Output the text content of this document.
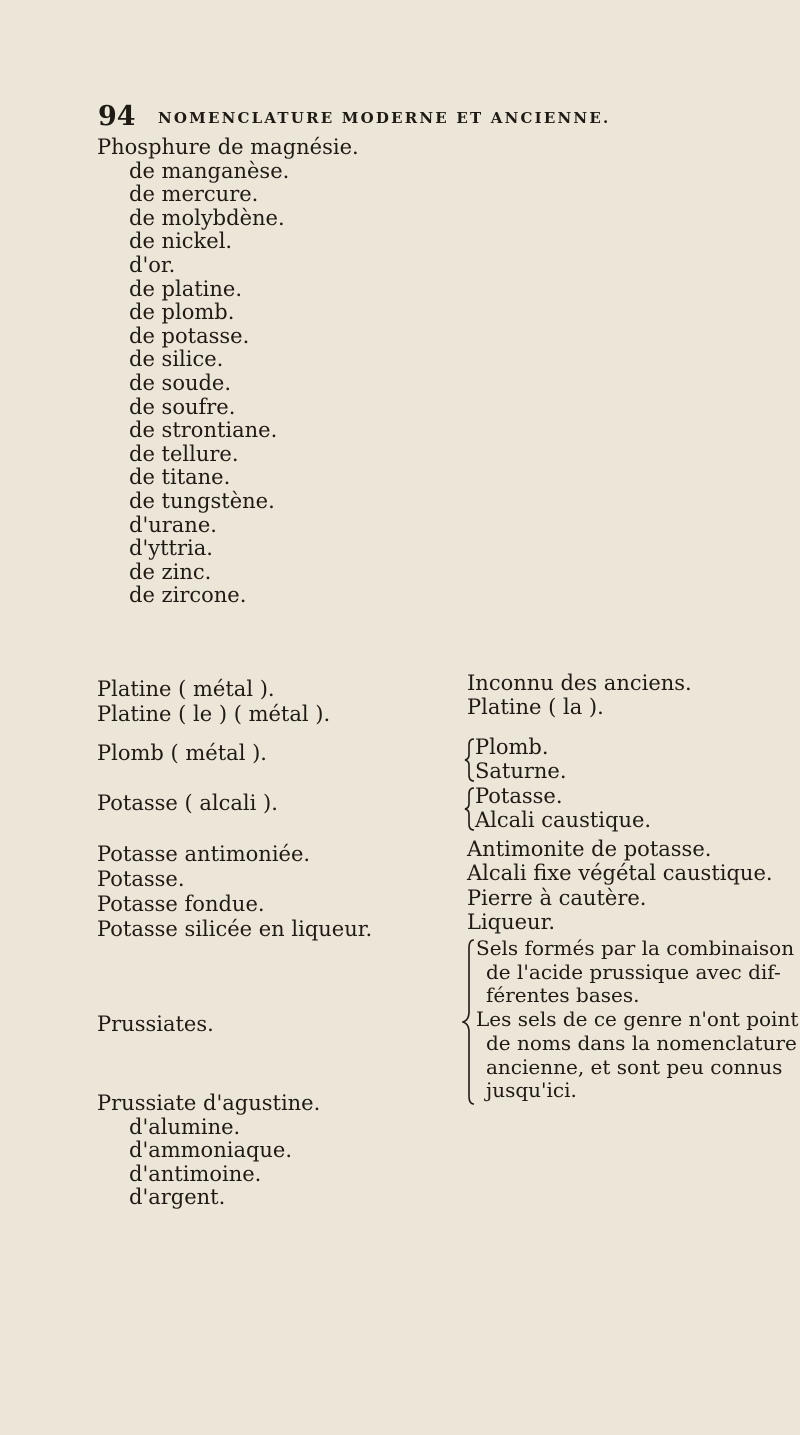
94 NOMENCLATURE MODERNE ET ANCIENNE.
Phosphure de magnésie.
de manganèse.
de mercure.
de molybdène.
de nickel.
d'or.
de platine.
de plomb.
de potasse.
de silice.
de soude.
de soufre.
de strontiane.
de tellure.
de titane.
de tungstène.
d'urane.
d'yttria.
de zinc.
de zircone.
Platine ( métal ).
Platine ( le ) ( métal ).
Plomb ( métal ).
Potasse ( alcali ).
Potasse antimoniée.
Potasse.
Potasse fondue.
Potasse silicée en liqueur.
Prussiates.
Inconnu des anciens.
Platine ( la ).
Plomb.
Saturne.
Potasse.
Alcali caustique.
Antimonite de potasse.
Alcali fixe végétal caustique.
Pierre à cautère.
Liqueur.
Sels formés par la combinaison
de l'acide prussique avec dif-
férentes bases.
Les sels de ce genre n'ont point
de noms dans la nomenclature
ancienne, et sont peu connus
jusqu'ici.
Prussiate d'agustine.
d'alumine.
d'ammoniaque.
d'antimoine.
d'argent.
